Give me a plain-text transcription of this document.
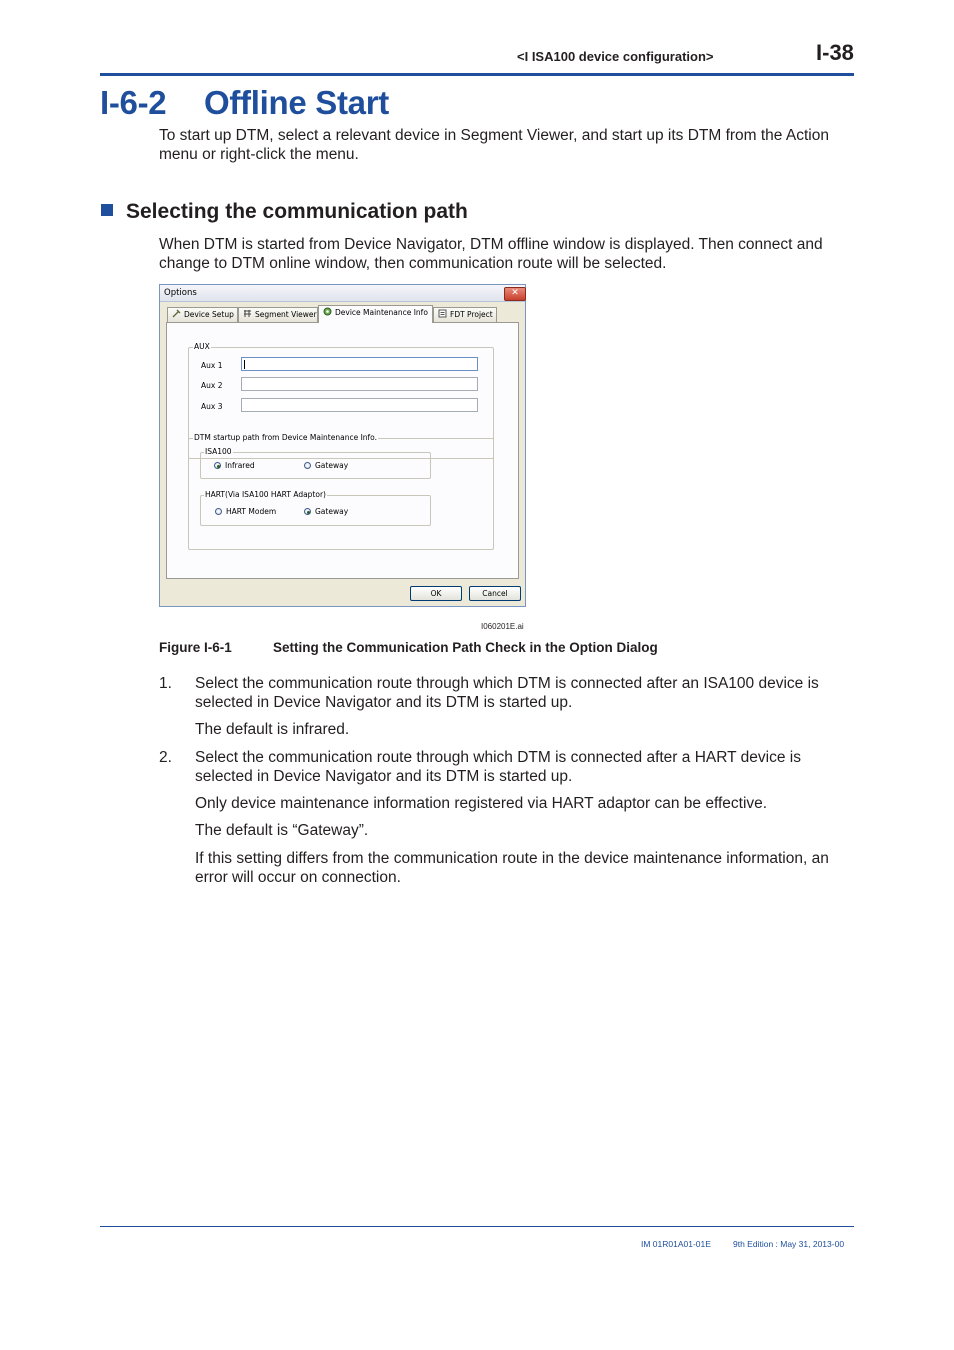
<I ISA100 device configuration>	I-38
I-6-2 Offline Start
To start up DTM, select a relevant device in Segment Viewer, and start up its DTM from the Action menu or right-click the menu.
Selecting the communication path
When DTM is started from Device Navigator, DTM offline window is displayed. Then connect and change to DTM online window, then communication route will be selected.
Options	✕
Device Setup	Segment Viewer	Device Maintenance Info	FDT Project
AUX
Aux 1
Aux 2
Aux 3
DTM startup path from Device Maintenance Info.
ISA100
Infrared	Gateway
HART(Via ISA100 HART Adaptor)
HART Modem	Gateway
OK	Cancel
I060201E.ai
Figure I-6-1	Setting the Communication Path Check in the Option Dialog
1. Select the communication route through which DTM is connected after an ISA100 device is selected in Device Navigator and its DTM is started up.
The default is infrared.
2. Select the communication route through which DTM is connected after a HART device is selected in Device Navigator and its DTM is started up.
Only device maintenance information registered via HART adaptor can be effective.
The default is “Gateway”.
If this setting differs from the communication route in the device maintenance information, an error will occur on connection.
IM 01R01A01-01E	9th Edition : May 31, 2013-00
